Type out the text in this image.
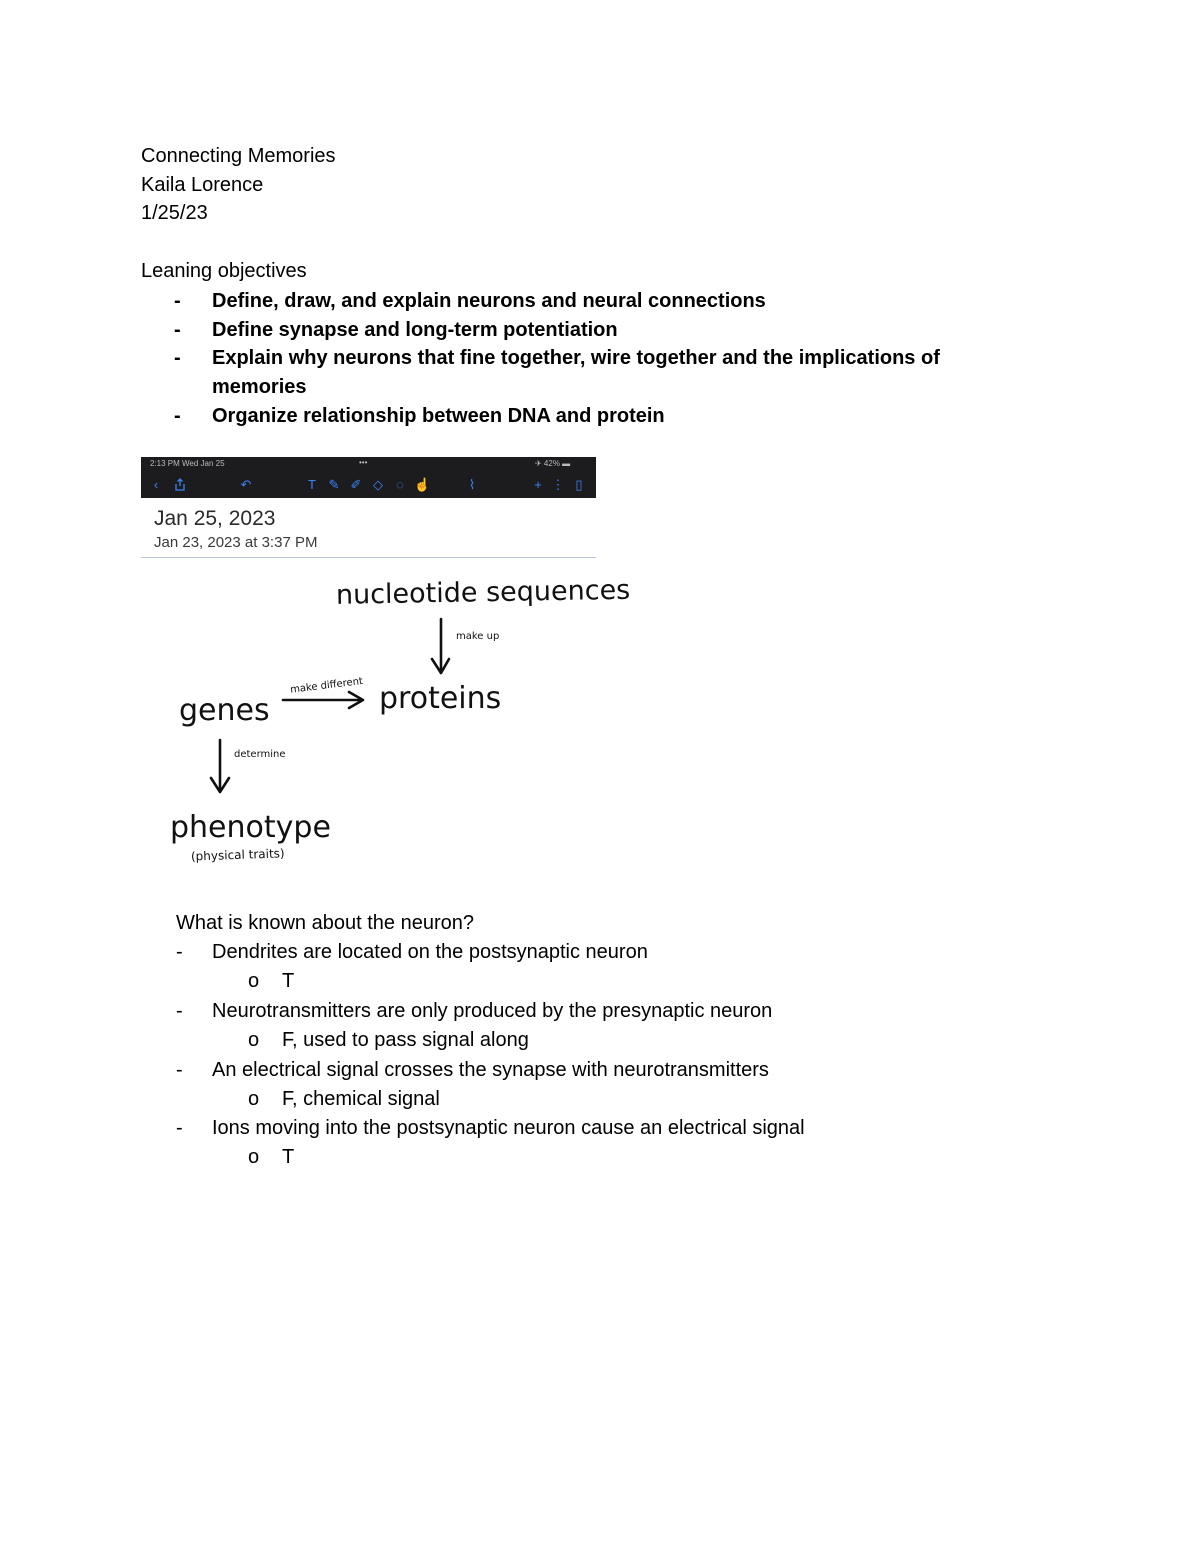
Connecting Memories
Kaila Lorence
1/25/23
Leaning objectives
- Define, draw, and explain neurons and neural connections
- Define synapse and long-term potentiation
- Explain why neurons that fine together, wire together and the implications of memories
- Organize relationship between DNA and protein
2:13 PM Wed Jan 25	•••	✈ 42% ▬
‹	↶	T ✎ ✐ ◇ ◌ ☝	⌇	+ ⋮ ▯
Jan 25, 2023
Jan 23, 2023 at 3:37 PM
nucleotide sequences
make up
make different proteins
genes
determine
phenotype
(physical traits)
What is known about the neuron?
- Dendrites are located on the postsynaptic neuron
o T
- Neurotransmitters are only produced by the presynaptic neuron
o F, used to pass signal along
- An electrical signal crosses the synapse with neurotransmitters
o F, chemical signal
- Ions moving into the postsynaptic neuron cause an electrical signal
o T
